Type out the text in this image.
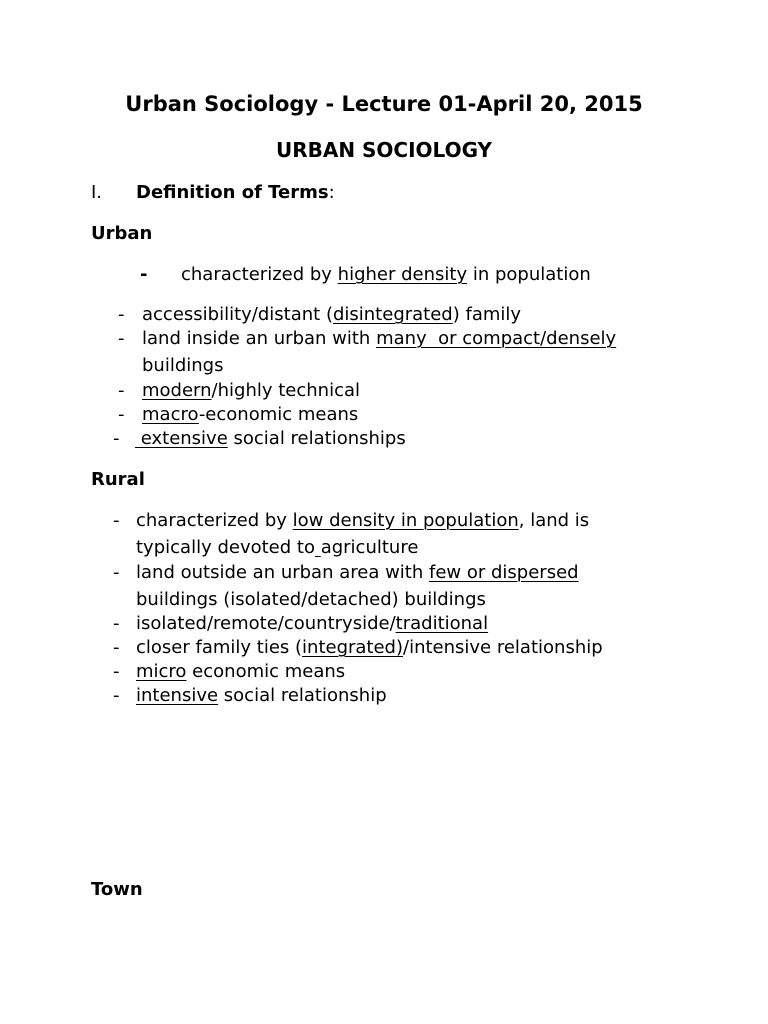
Urban Sociology - Lecture 01-April 20, 2015
URBAN SOCIOLOGY
I. Definition of Terms:
Urban
- characterized by higher density in population
- accessibility/distant (disintegrated) family
- land inside an urban with many  or compact/densely
buildings
- modern/highly technical
- macro-economic means
- extensive social relationships
Rural
- characterized by low density in population, land is
typically devoted to agriculture
- land outside an urban area with few or dispersed
buildings (isolated/detached) buildings
- isolated/remote/countryside/traditional
- closer family ties (integrated)/intensive relationship
- micro economic means
- intensive social relationship
Town
